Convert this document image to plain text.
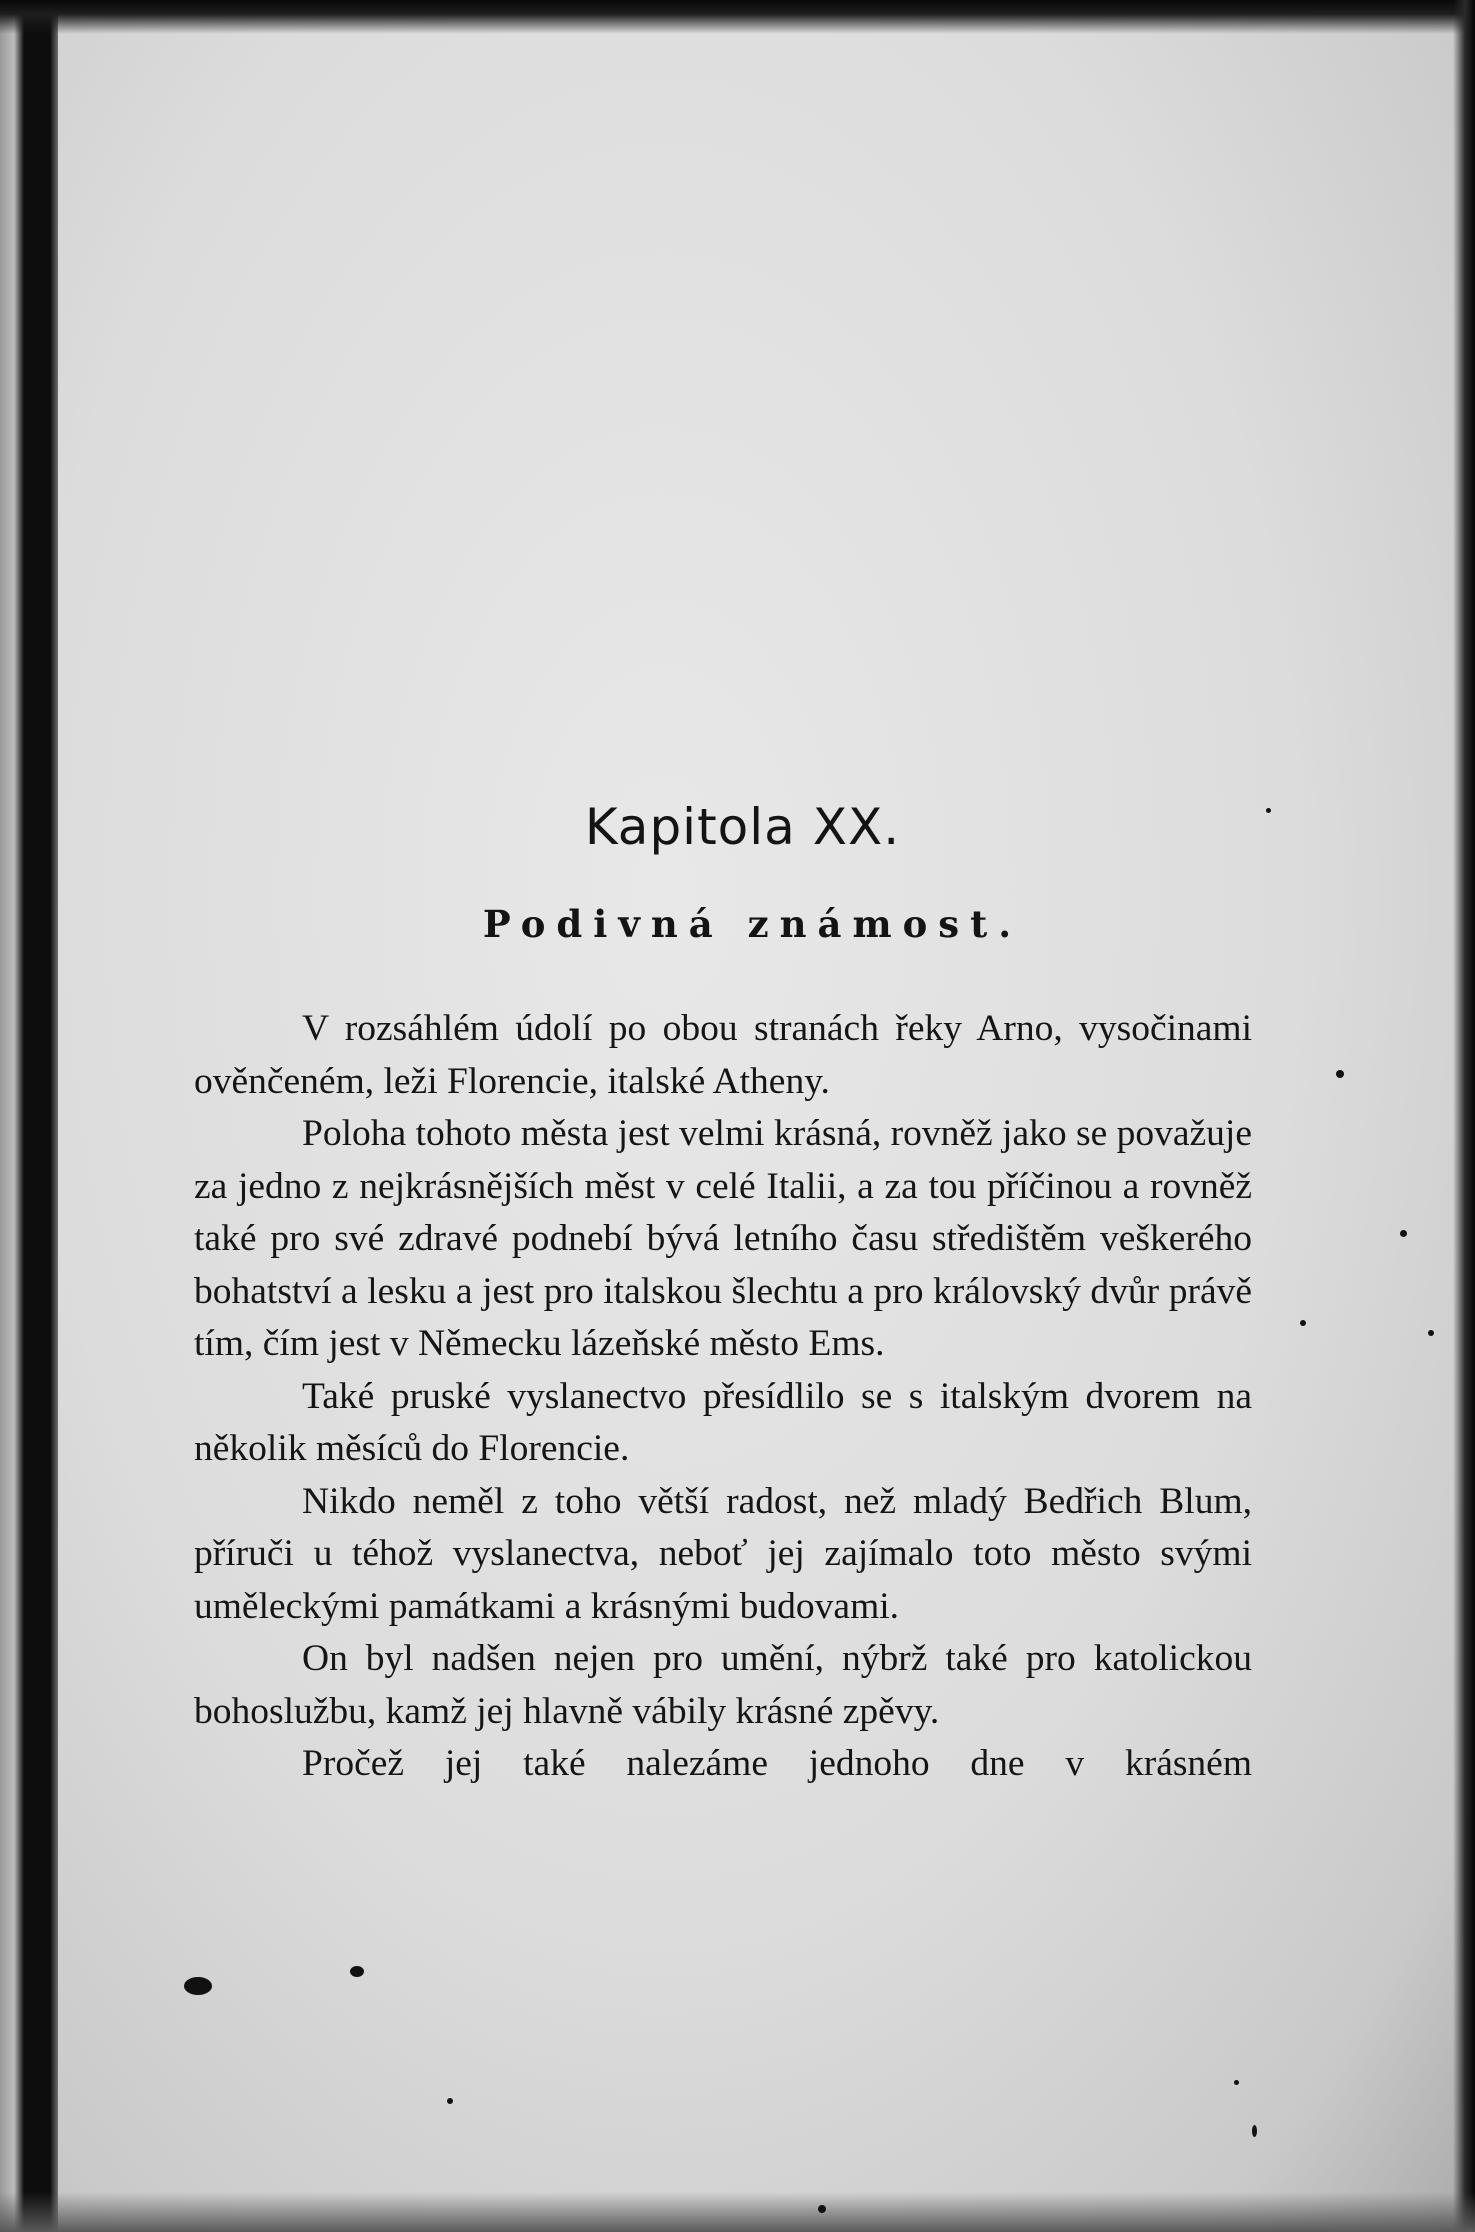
Kapitola XX.
Podivná známost.

V rozsáhlém údolí po obou stranách řeky Arno, vysočinami ověnčeném, leži Florencie, italské Atheny.

Poloha tohoto města jest velmi krásná, rovněž jako se považuje za jedno z nejkrásnějších měst v celé Italii, a za tou příčinou a rovněž také pro své zdravé podnebí bývá letního času středištěm veškerého bohatství a lesku a jest pro italskou šlechtu a pro královský dvůr právě tím, čím jest v Německu lázeňské město Ems.

Také pruské vyslanectvo přesídlilo se s italským dvorem na několik měsíců do Florencie.

Nikdo neměl z toho větší radost, než mladý Bedřich Blum, příruči u téhož vyslanectva, neboť jej zajímalo toto město svými uměleckými památkami a krásnými budovami.

On byl nadšen nejen pro umění, nýbrž také pro katolickou bohoslužbu, kamž jej hlavně vábily krásné zpěvy.

Pročež jej také nalezáme jednoho dne v krásném
